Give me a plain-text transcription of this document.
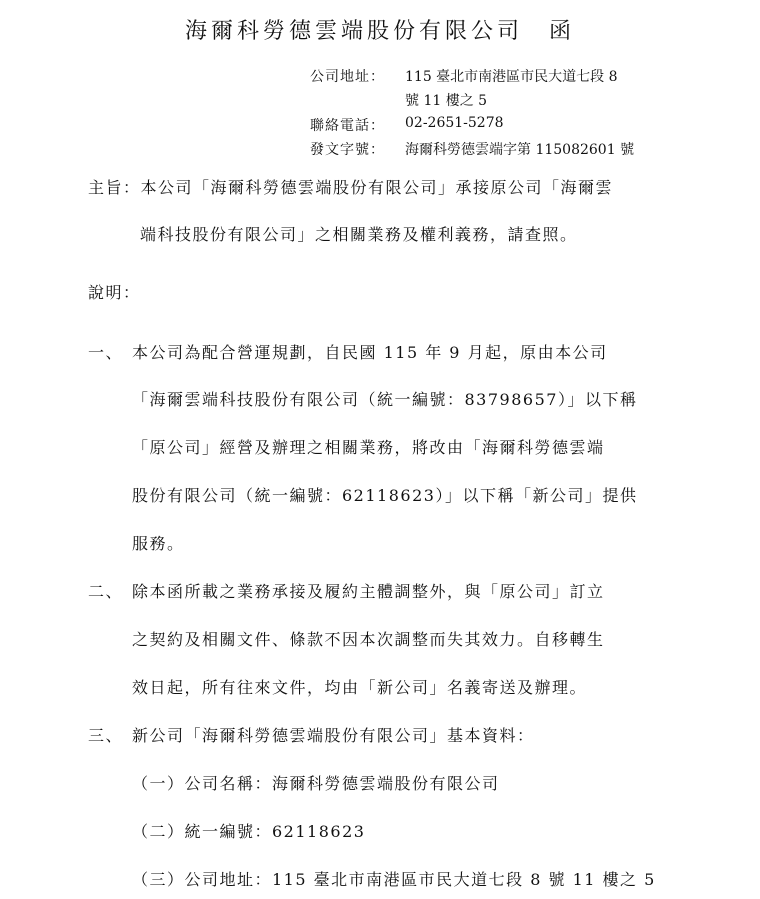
海爾科勞德雲端股份有限公司　函
公司地址： 115 臺北市南港區市民大道七段 8
號 11 樓之 5
聯絡電話： 02-2651-5278
發文字號： 海爾科勞德雲端字第 115082601 號
主旨：本公司「海爾科勞德雲端股份有限公司」承接原公司「海爾雲
端科技股份有限公司」之相關業務及權利義務，請查照。
說明：
一、 本公司為配合營運規劃，自民國 115 年 9 月起，原由本公司
「海爾雲端科技股份有限公司（統一編號：83798657）」以下稱
「原公司」經營及辦理之相關業務，將改由「海爾科勞德雲端
股份有限公司（統一編號：62118623）」以下稱「新公司」提供
服務。
二、 除本函所載之業務承接及履約主體調整外，與「原公司」訂立
之契約及相關文件、條款不因本次調整而失其效力。自移轉生
效日起，所有往來文件，均由「新公司」名義寄送及辦理。
三、 新公司「海爾科勞德雲端股份有限公司」基本資料：
（一）公司名稱：海爾科勞德雲端股份有限公司
（二）統一編號：62118623
（三）公司地址：115 臺北市南港區市民大道七段 8 號 11 樓之 5
